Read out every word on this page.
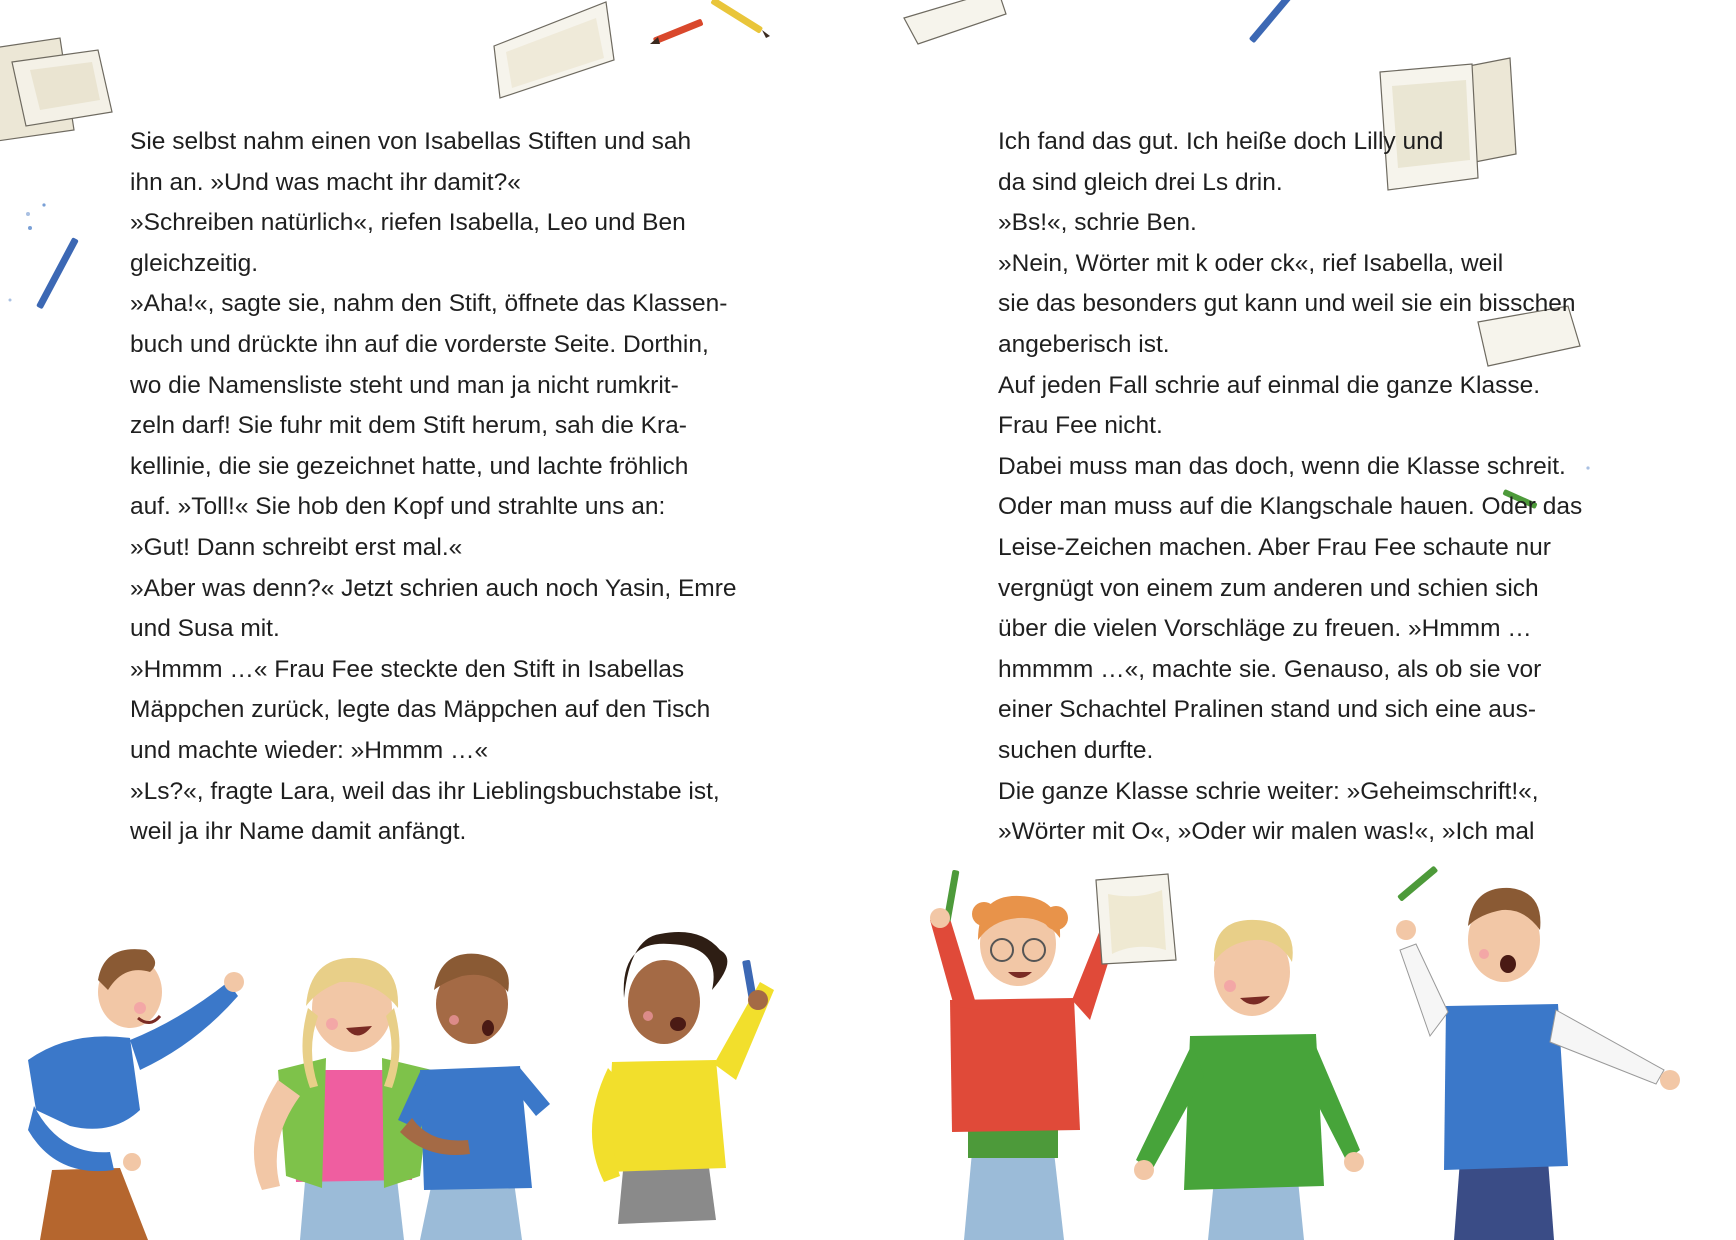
Sie selbst nahm einen von Isabellas Stiften und sah
ihn an. »Und was macht ihr damit?«
»Schreiben natürlich«, riefen Isabella, Leo und Ben
gleichzeitig.
»Aha!«, sagte sie, nahm den Stift, öffnete das Klassen-
buch und drückte ihn auf die vorderste Seite. Dorthin,
wo die Namensliste steht und man ja nicht rumkrit-
zeln darf! Sie fuhr mit dem Stift herum, sah die Kra-
kellinie, die sie gezeichnet hatte, und lachte fröhlich
auf. »Toll!« Sie hob den Kopf und strahlte uns an:
»Gut! Dann schreibt erst mal.«
»Aber was denn?« Jetzt schrien auch noch Yasin, Emre
und Susa mit.
»Hmmm …« Frau Fee steckte den Stift in Isabellas
Mäppchen zurück, legte das Mäppchen auf den Tisch
und machte wieder: »Hmmm …«
»Ls?«, fragte Lara, weil das ihr Lieblingsbuchstabe ist,
weil ja ihr Name damit anfängt.
Ich fand das gut. Ich heiße doch Lilly und
da sind gleich drei Ls drin.
»Bs!«, schrie Ben.
»Nein, Wörter mit k oder ck«, rief Isabella, weil
sie das besonders gut kann und weil sie ein bisschen
angeberisch ist.
Auf jeden Fall schrie auf einmal die ganze Klasse.
Frau Fee nicht.
Dabei muss man das doch, wenn die Klasse schreit.
Oder man muss auf die Klangschale hauen. Oder das
Leise-Zeichen machen. Aber Frau Fee schaute nur
vergnügt von einem zum anderen und schien sich
über die vielen Vorschläge zu freuen. »Hmmm …
hmmmm …«, machte sie. Genauso, als ob sie vor
einer Schachtel Pralinen stand und sich eine aus-
suchen durfte.
Die ganze Klasse schrie weiter: »Geheimschrift!«,
»Wörter mit O«, »Oder wir malen was!«, »Ich mal
